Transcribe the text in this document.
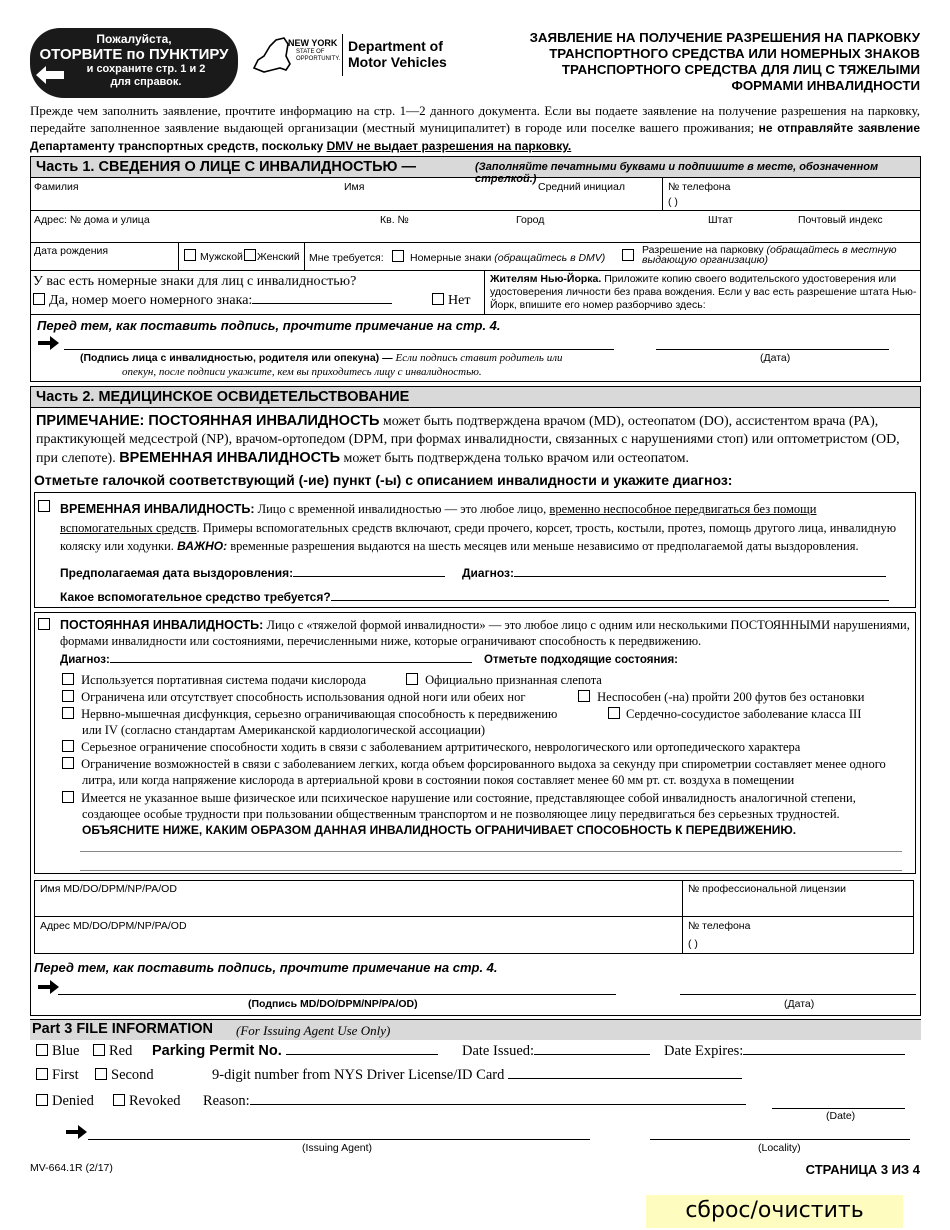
Пожалуйста,
ОТОРВИТЕ по ПУНКТИРУ
и сохраните стр. 1 и 2
для справок.
NEW YORK
STATE OF
OPPORTUNITY.
Department of
Motor Vehicles
ЗАЯВЛЕНИЕ НА ПОЛУЧЕНИЕ РАЗРЕШЕНИЯ НА ПАРКОВКУ
ТРАНСПОРТНОГО СРЕДСТВА ИЛИ НОМЕРНЫХ ЗНАКОВ
ТРАНСПОРТНОГО СРЕДСТВА ДЛЯ ЛИЦ С ТЯЖЕЛЫМИ
ФОРМАМИ ИНВАЛИДНОСТИ
Прежде чем заполнить заявление, прочтите информацию на стр. 1—2 данного документа. Если вы подаете заявление на получение разрешения на парковку, передайте заполненное заявление выдающей организации (местный муниципалитет) в городе или поселке вашего проживания; не отправляйте заявление Департаменту транспортных средств, поскольку DMV не выдает разрешения на парковку.
Часть 1. СВЕДЕНИЯ О ЛИЦЕ С ИНВАЛИДНОСТЬЮ —	(Заполняйте печатными буквами и подпишите в месте, обозначенном стрелкой.)
Фамилия	Имя	Средний инициал	№ телефона
( )
Адрес: № дома и улица	Кв. №	Город	Штат	Почтовый индекс
Дата рождения	Мужской	Женский Мне требуется:	Номерные знаки (обращайтесь в DMV)
Разрешение на парковку (обращайтесь в местную
выдающую организацию)
У вас есть номерные знаки для лиц с инвалидностью?
Да, номер моего номерного знака:	Нет
Жителям Нью-Йорка. Приложите копию своего водительского удостоверения или удостоверения личности без права вождения. Если у вас есть разрешение штата Нью-Йорк, впишите его номер разборчиво здесь:
Перед тем, как поставить подпись, прочтите примечание на стр. 4.
(Подпись лица с инвалидностью, родителя или опекуна) — Если подпись ставит родитель или
опекун, после подписи укажите, кем вы приходитесь лицу с инвалидностью.
(Дата)
Часть 2. МЕДИЦИНСКОЕ ОСВИДЕТЕЛЬСТВОВАНИЕ
ПРИМЕЧАНИЕ: ПОСТОЯННАЯ ИНВАЛИДНОСТЬ может быть подтверждена врачом (MD), остеопатом (DO), ассистентом врача (PA), практикующей медсестрой (NP), врачом-ортопедом (DPM, при формах инвалидности, связанных с нарушениями стоп) или оптометристом (OD, при слепоте). ВРЕМЕННАЯ ИНВАЛИДНОСТЬ может быть подтверждена только врачом или остеопатом.
Отметьте галочкой соответствующий (-ие) пункт (-ы) с описанием инвалидности и укажите диагноз:
ВРЕМЕННАЯ ИНВАЛИДНОСТЬ: Лицо с временной инвалидностью — это любое лицо, временно неспособное передвигаться без помощи вспомогательных средств. Примеры вспомогательных средств включают, среди прочего, корсет, трость, костыли, протез, помощь другого лица, инвалидную коляску или ходунки. ВАЖНО: временные разрешения выдаются на шесть месяцев или меньше независимо от предполагаемой даты выздоровления.
Предполагаемая дата выздоровления:	Диагноз:
Какое вспомогательное средство требуется?
ПОСТОЯННАЯ ИНВАЛИДНОСТЬ: Лицо с «тяжелой формой инвалидности» — это любое лицо с одним или несколькими ПОСТОЯННЫМИ нарушениями, формами инвалидности или состояниями, перечисленными ниже, которые ограничивают способность к передвижению.
Диагноз:	Отметьте подходящие состояния:
Используется портативная система подачи кислорода	Официально признанная слепота
Ограничена или отсутствует способность использования одной ноги или обеих ног	Неспособен (-на) пройти 200 футов без остановки
Нервно-мышечная дисфункция, серьезно ограничивающая способность к передвижению	Сердечно-сосудистое заболевание класса III
или IV (согласно стандартам Американской кардиологической ассоциации)
Серьезное ограничение способности ходить в связи с заболеванием артритического, неврологического или ортопедического характера
Ограничение возможностей в связи с заболеванием легких, когда объем форсированного выдоха за секунду при спирометрии составляет менее одного литра, или когда напряжение кислорода в артериальной крови в состоянии покоя составляет менее 60 мм рт. ст. воздуха в помещении
Имеется не указанное выше физическое или психическое нарушение или состояние, представляющее собой инвалидность аналогичной степени, создающее особые трудности при пользовании общественным транспортом и не позволяющее лицу передвигаться без серьезных трудностей.
ОБЪЯСНИТЕ НИЖЕ, КАКИМ ОБРАЗОМ ДАННАЯ ИНВАЛИДНОСТЬ ОГРАНИЧИВАЕТ СПОСОБНОСТЬ К ПЕРЕДВИЖЕНИЮ.
Имя MD/DO/DPM/NP/PA/OD	№ профессиональной лицензии
Адрес MD/DO/DPM/NP/PA/OD	№ телефона
( )
Перед тем, как поставить подпись, прочтите примечание на стр. 4.
(Подпись MD/DO/DPM/NP/PA/OD)	(Дата)
Part 3 FILE INFORMATION (For Issuing Agent Use Only)
Blue	Red Parking Permit No.	Date Issued:	Date Expires:
First	Second	9-digit number from NYS Driver License/ID Card
Denied	Revoked Reason:
(Date)
(Issuing Agent)	(Locality)
MV-664.1R (2/17)	СТРАНИЦА 3 ИЗ 4
сброс/очистить
